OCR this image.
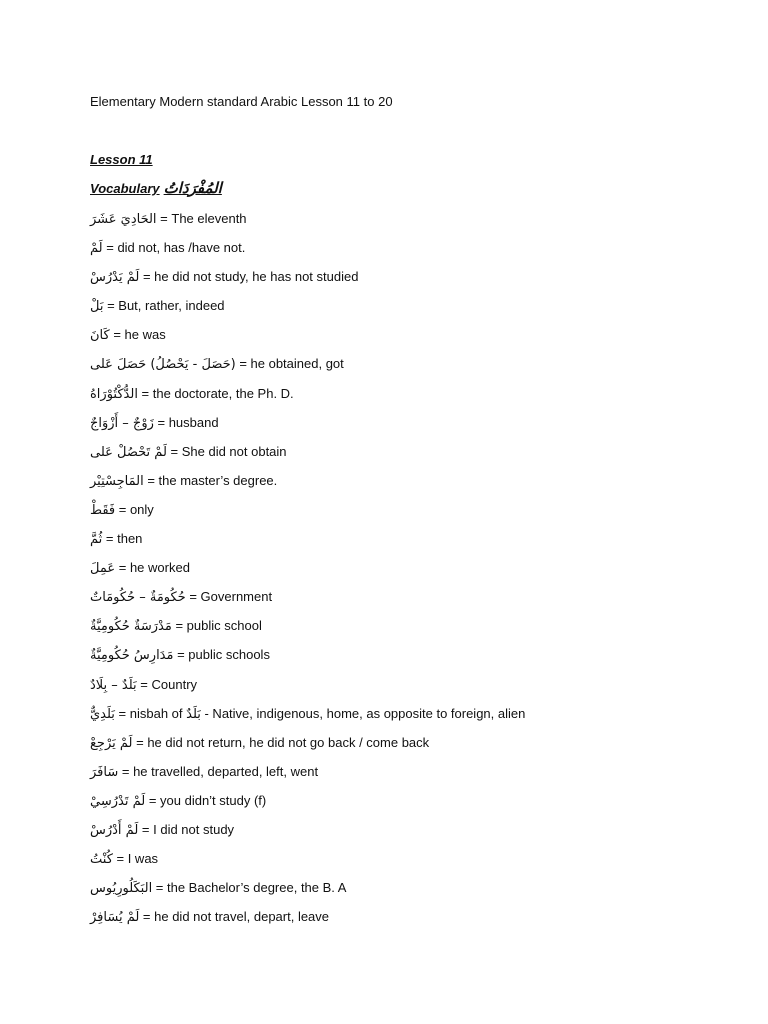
Elementary Modern standard Arabic Lesson 11 to 20
Lesson 11
Vocabulary المُفْرَدَاتُ
الحَادِيَ عَشَرَ = The eleventh
لَمْ = did not, has /have not.
لَمْ يَدْرُسْ = he did not study, he has not studied
بَلْ = But, rather, indeed
كَانَ = he was
(حَصَلَ - يَحْصُلُ) حَصَلَ عَلى = he obtained, got
الدُّكْتُوْرَاهُ = the doctorate, the Ph. D.
زَوْجٌ – أَزْوَاجٌ = husband
لَمْ تَحْصُلْ عَلى = She did not obtain
المَاجِسْتِيْر = the master’s degree.
فَقَطْ = only
ثُمَّ = then
عَمِلَ = he worked
حُكُومَةٌ – حُكُومَاتٌ = Government
مَدْرَسَةٌ حُكُومِيَّةٌ = public school
مَدَارِسُ حُكُومِيَّةٌ = public schools
بَلَدٌ – بِلَادٌ = Country
بَلَدِيٌّ = nisbah of بَلَدٌ - Native, indigenous, home, as opposite to foreign, alien
لَمْ يَرْجِعْ = he did not return, he did not go back / come back
سَافَرَ = he travelled, departed, left, went
لَمْ تَدْرُسِيْ = you didn’t study (f)
لَمْ أَدْرُسْ = I did not study
كُنْتُ = I was
البَكَلُورِيُوس = the Bachelor’s degree, the B. A
لَمْ يُسَافِرْ = he did not travel, depart, leave
